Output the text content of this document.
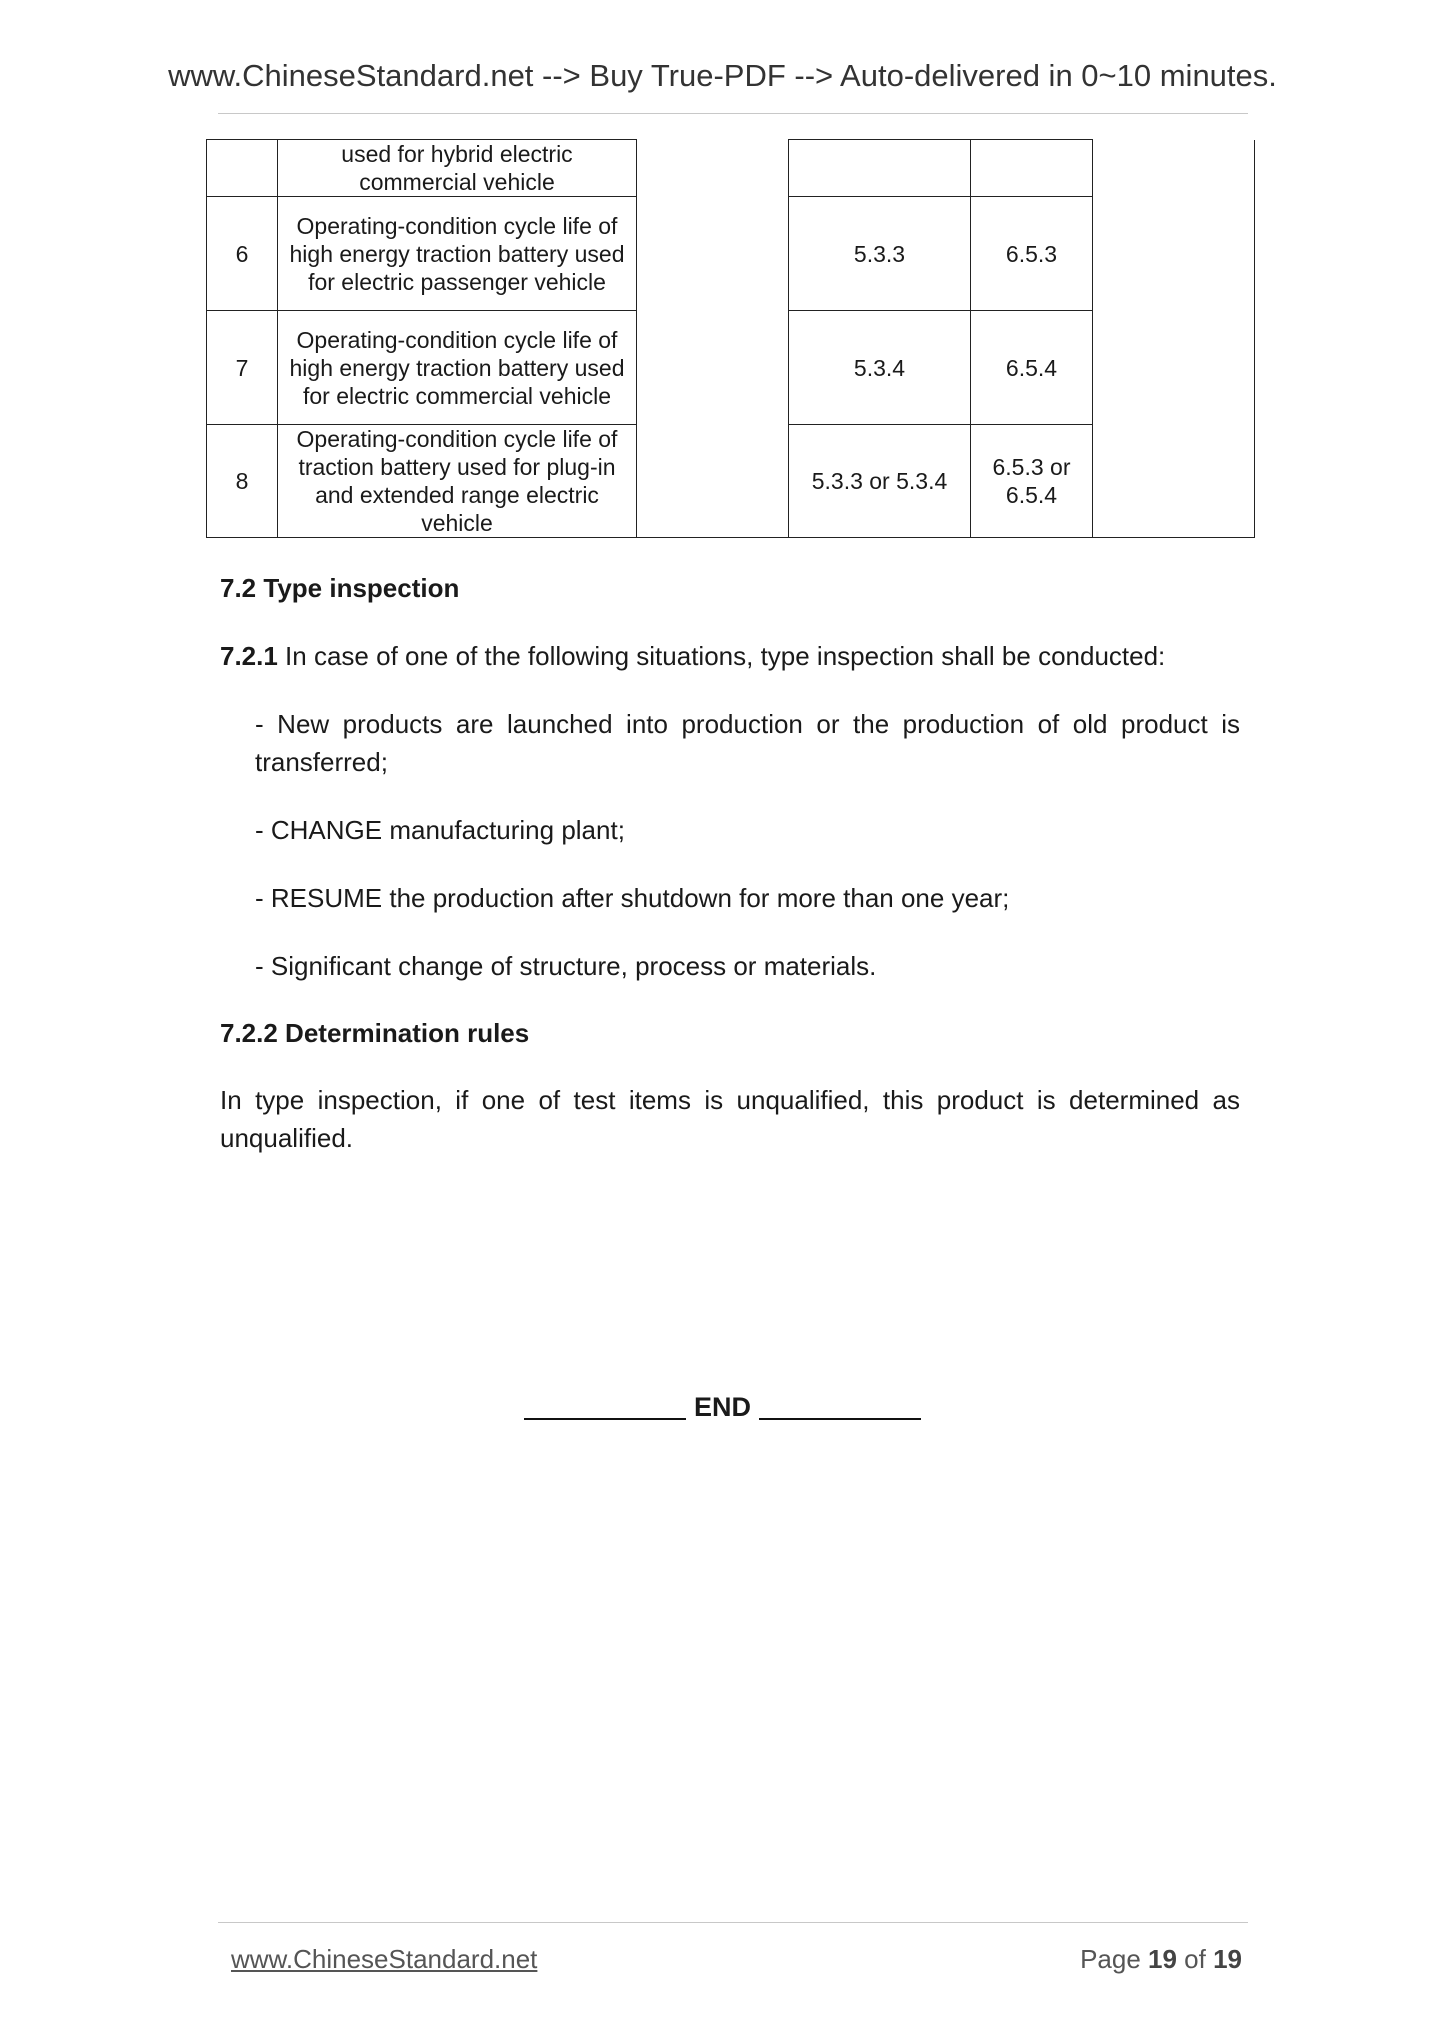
www.ChineseStandard.net --> Buy True-PDF --> Auto-delivered in 0~10 minutes.
	used for hybrid electric commercial vehicle				
6	Operating-condition cycle life of high energy traction battery used for electric passenger vehicle		5.3.3	6.5.3	
7	Operating-condition cycle life of high energy traction battery used for electric commercial vehicle		5.3.4	6.5.4	
8	Operating-condition cycle life of traction battery used for plug-in and extended range electric vehicle		5.3.3 or 5.3.4	6.5.3 or 6.5.4	
7.2 Type inspection
7.2.1 In case of one of the following situations, type inspection shall be conducted:
- New products are launched into production or the production of old product is transferred;
- CHANGE manufacturing plant;
- RESUME the production after shutdown for more than one year;
- Significant change of structure, process or materials.
7.2.2 Determination rules
In type inspection, if one of test items is unqualified, this product is determined as unqualified.
END
www.ChineseStandard.net	Page 19 of 19
